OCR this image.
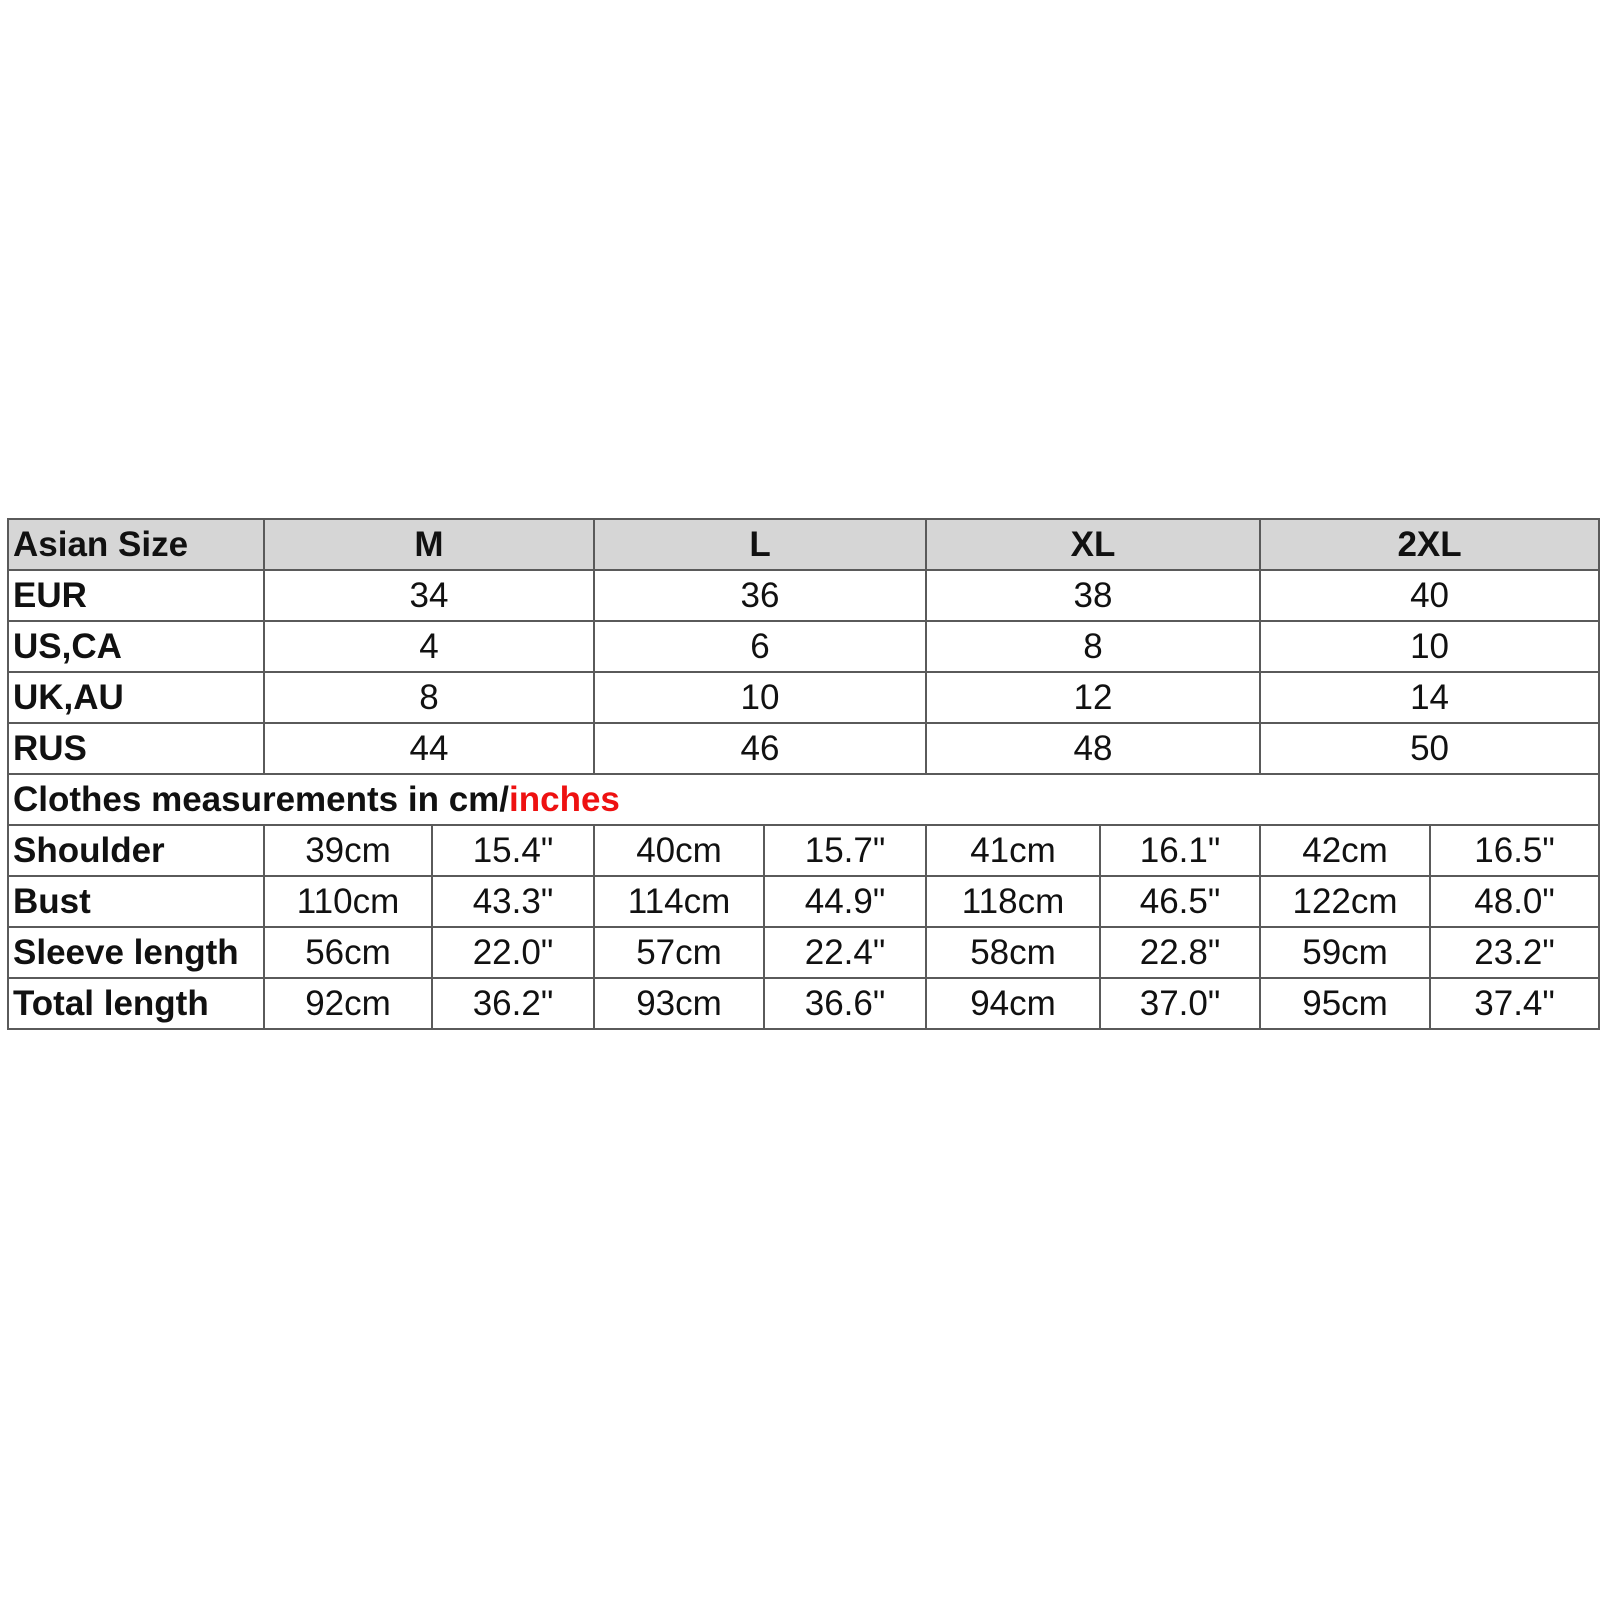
Asian Size	M		L		XL		2XL	
EUR	34		36		38		40	
US,CA	4		6		8		10	
UK,AU	8		10		12		14	
RUS	44		46		48		50	
Clothes measurements in cm/inches								
Shoulder	39cm	15.4"	40cm	15.7"	41cm	16.1"	42cm	16.5"
Bust	110cm	43.3"	114cm	44.9"	118cm	46.5"	122cm	48.0"
Sleeve length	56cm	22.0"	57cm	22.4"	58cm	22.8"	59cm	23.2"
Total length	92cm	36.2"	93cm	36.6"	94cm	37.0"	95cm	37.4"
